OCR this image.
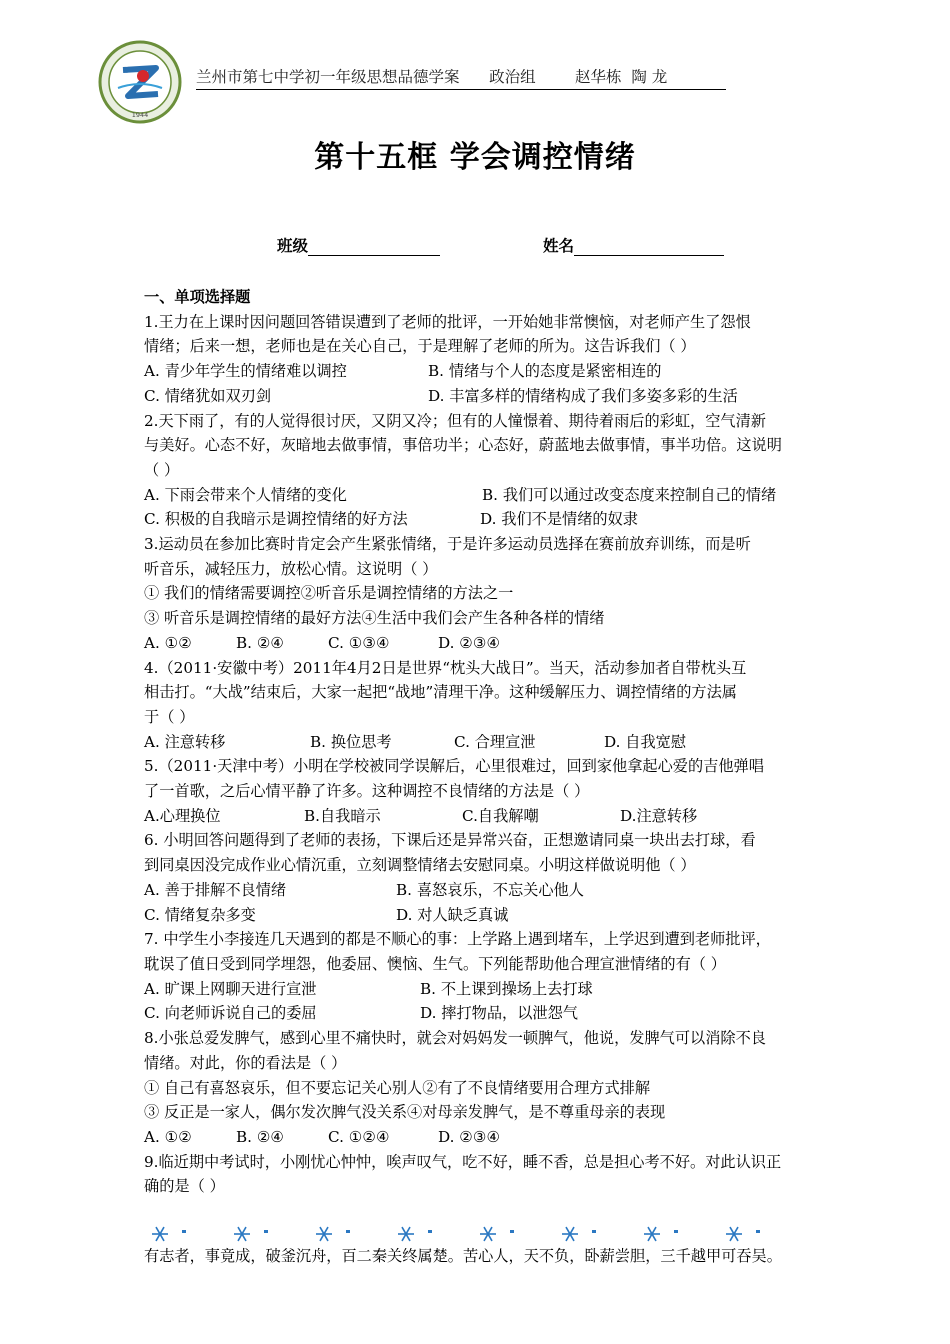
1944
兰州市第七中学初一年级思想品德学案      政治组        赵华栋  陶 龙
第十五框 学会调控情绪
班级	姓名

一、单项选择题

1.王力在上课时因问题回答错误遭到了老师的批评，一开始她非常懊恼，对老师产生了怨恨

情绪；后来一想，老师也是在关心自己，于是理解了老师的所为。这告诉我们（ ）

A. 青少年学生的情绪难以调控	B. 情绪与个人的态度是紧密相连的

C. 情绪犹如双刃剑	D. 丰富多样的情绪构成了我们多姿多彩的生活

2.天下雨了，有的人觉得很讨厌，又阴又冷；但有的人憧憬着、期待着雨后的彩虹，空气清新

与美好。心态不好，灰暗地去做事情，事倍功半；心态好，蔚蓝地去做事情，事半功倍。这说明

（ ）

A. 下雨会带来个人情绪的变化	B. 我们可以通过改变态度来控制自己的情绪

C. 积极的自我暗示是调控情绪的好方法	D. 我们不是情绪的奴隶

3.运动员在参加比赛时肯定会产生紧张情绪，于是许多运动员选择在赛前放弃训练，而是听

听音乐，减轻压力，放松心情。这说明（ ）

① 我们的情绪需要调控②听音乐是调控情绪的方法之一

③ 听音乐是调控情绪的最好方法④生活中我们会产生各种各样的情绪

A. ①②	B. ②④	C. ①③④	D. ②③④

4.（2011·安徽中考）2011年4月2日是世界“枕头大战日”。当天，活动参加者自带枕头互

相击打。“大战”结束后，大家一起把“战地”清理干净。这种缓解压力、调控情绪的方法属

于（ ）

A. 注意转移	B. 换位思考	C. 合理宣泄	D. 自我宽慰

5.（2011·天津中考）小明在学校被同学误解后，心里很难过，回到家他拿起心爱的吉他弹唱

了一首歌，之后心情平静了许多。这种调控不良情绪的方法是（ ）

A.心理换位	B.自我暗示	C.自我解嘲	D.注意转移

6. 小明回答问题得到了老师的表扬，下课后还是异常兴奋，正想邀请同桌一块出去打球，看

到同桌因没完成作业心情沉重，立刻调整情绪去安慰同桌。小明这样做说明他（ ）

A. 善于排解不良情绪	B. 喜怒哀乐，不忘关心他人

C. 情绪复杂多变	D. 对人缺乏真诚

7. 中学生小李接连几天遇到的都是不顺心的事：上学路上遇到堵车，上学迟到遭到老师批评，

耽误了值日受到同学埋怨，他委屈、懊恼、生气。下列能帮助他合理宣泄情绪的有（ ）

A. 旷课上网聊天进行宣泄	B. 不上课到操场上去打球

C. 向老师诉说自己的委屈	D. 摔打物品，以泄怨气

8.小张总爱发脾气，感到心里不痛快时，就会对妈妈发一顿脾气，他说，发脾气可以消除不良

情绪。对此，你的看法是（ ）

① 自己有喜怒哀乐，但不要忘记关心别人②有了不良情绪要用合理方式排解

③ 反正是一家人，偶尔发次脾气没关系④对母亲发脾气，是不尊重母亲的表现

A. ①②	B. ②④	C. ①②④	D. ②③④

9.临近期中考试时，小刚忧心忡忡，唉声叹气，吃不好，睡不香，总是担心考不好。对此认识正

确的是（ ）

有志者，事竟成，破釜沉舟，百二秦关终属楚。苦心人，天不负，卧薪尝胆，三千越甲可吞吴。
